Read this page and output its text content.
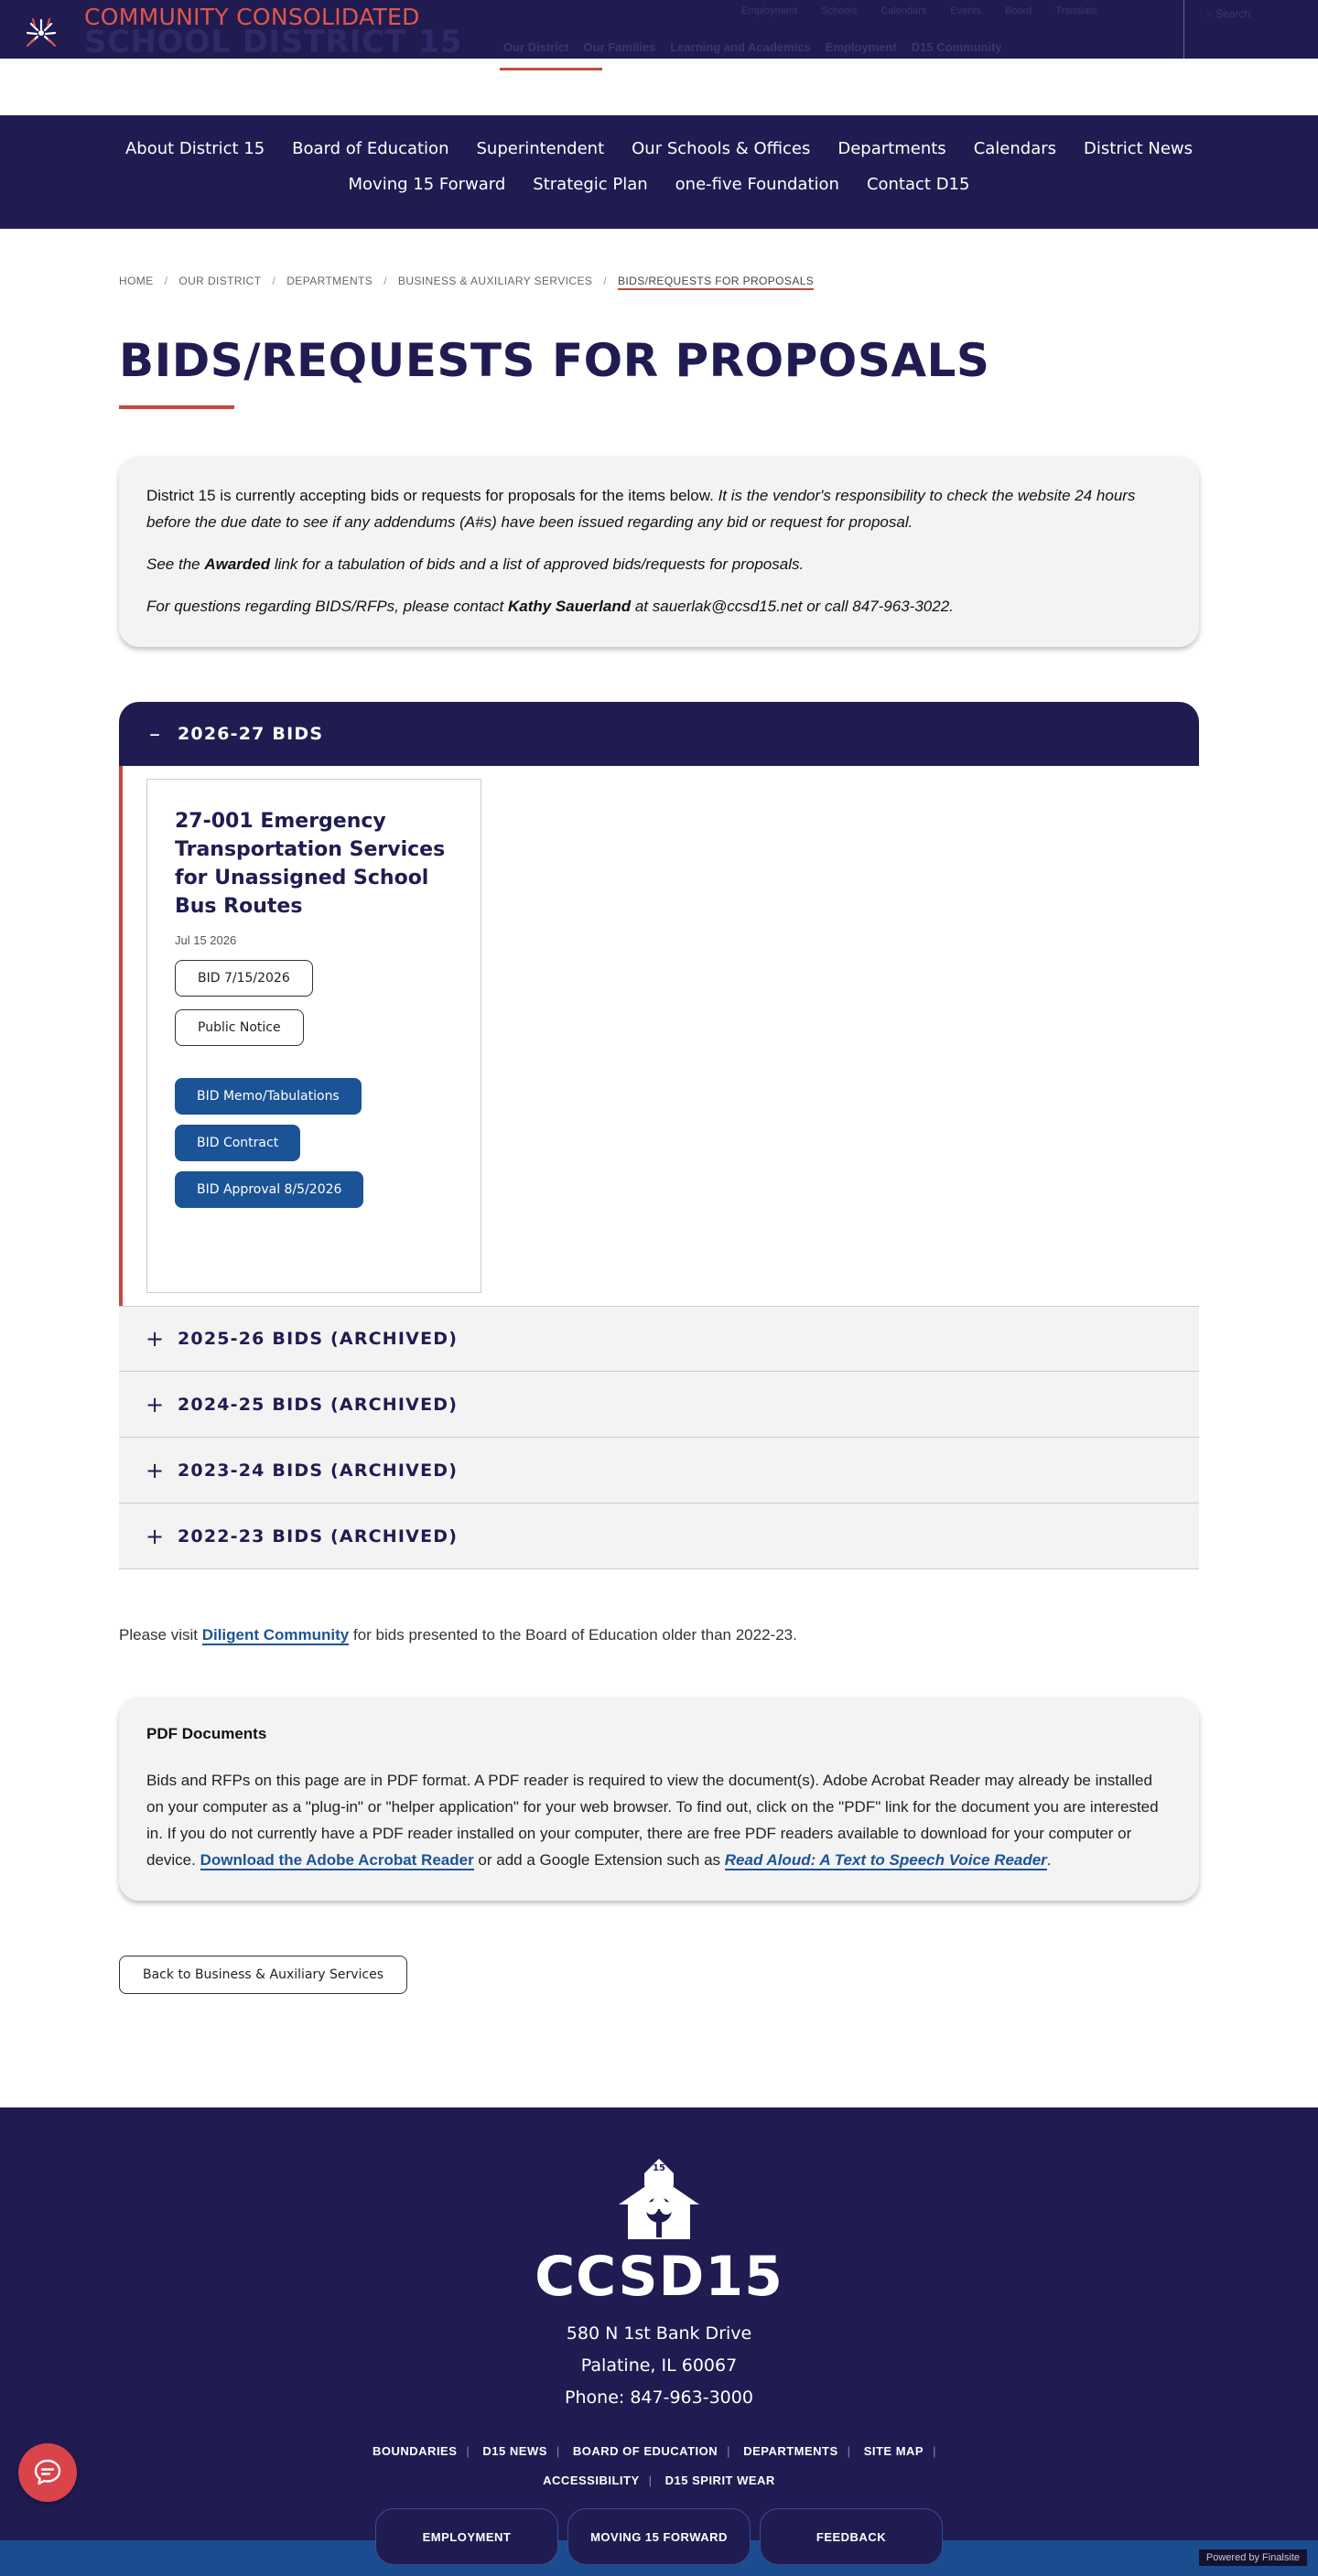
COMMUNITY CONSOLIDATED
SCHOOL DISTRICT 15
Employment Schools Calendars Events Board Translate
Our District Our Families Learning and Academics Employment D15 Community
⌕ Search
About District 15 Board of Education Superintendent Our Schools & Offices Departments Calendars District News
Moving 15 Forward Strategic Plan one-five Foundation Contact D15
HOME / OUR DISTRICT / DEPARTMENTS / BUSINESS & AUXILIARY SERVICES / BIDS/REQUESTS FOR PROPOSALS
BIDS/REQUESTS FOR PROPOSALS

District 15 is currently accepting bids or requests for proposals for the items below. It is the vendor's responsibility to check the website 24 hours before the due date to see if any addendums (A#s) have been issued regarding any bid or request for proposal.

See the Awarded link for a tabulation of bids and a list of approved bids/requests for proposals.

For questions regarding BIDS/RFPs, please contact Kathy Sauerland at sauerlak@ccsd15.net or call 847-963-3022.

–	2026-27 BIDS
27-001 Emergency Transportation Services for Unassigned School Bus Routes
Jul 15 2026
BID 7/15/2026
Public Notice
BID Memo/Tabulations
BID Contract
BID Approval 8/5/2026
+ 2025-26 BIDS (ARCHIVED)
+ 2024-25 BIDS (ARCHIVED)
+ 2023-24 BIDS (ARCHIVED)
+ 2022-23 BIDS (ARCHIVED)

Please visit Diligent Community for bids presented to the Board of Education older than 2022-23.

PDF Documents

Bids and RFPs on this page are in PDF format. A PDF reader is required to view the document(s). Adobe Acrobat Reader may already be installed on your computer as a "plug-in" or "helper application" for your web browser. To find out, click on the "PDF" link for the document you are interested in. If you do not currently have a PDF reader installed on your computer, there are free PDF readers available to download for your computer or device. Download the Adobe Acrobat Reader or add a Google Extension such as Read Aloud: A Text to Speech Voice Reader.

Back to Business & Auxiliary Services
15
CCSD15
580 N 1st Bank Drive
Palatine, IL 60067
Phone: 847-963-3000
BOUNDARIES | D15 NEWS | BOARD OF EDUCATION | DEPARTMENTS | SITE MAP |
ACCESSIBILITY | D15 SPIRIT WEAR
EMPLOYMENT	MOVING 15 FORWARD	FEEDBACK
Powered by Finalsite
